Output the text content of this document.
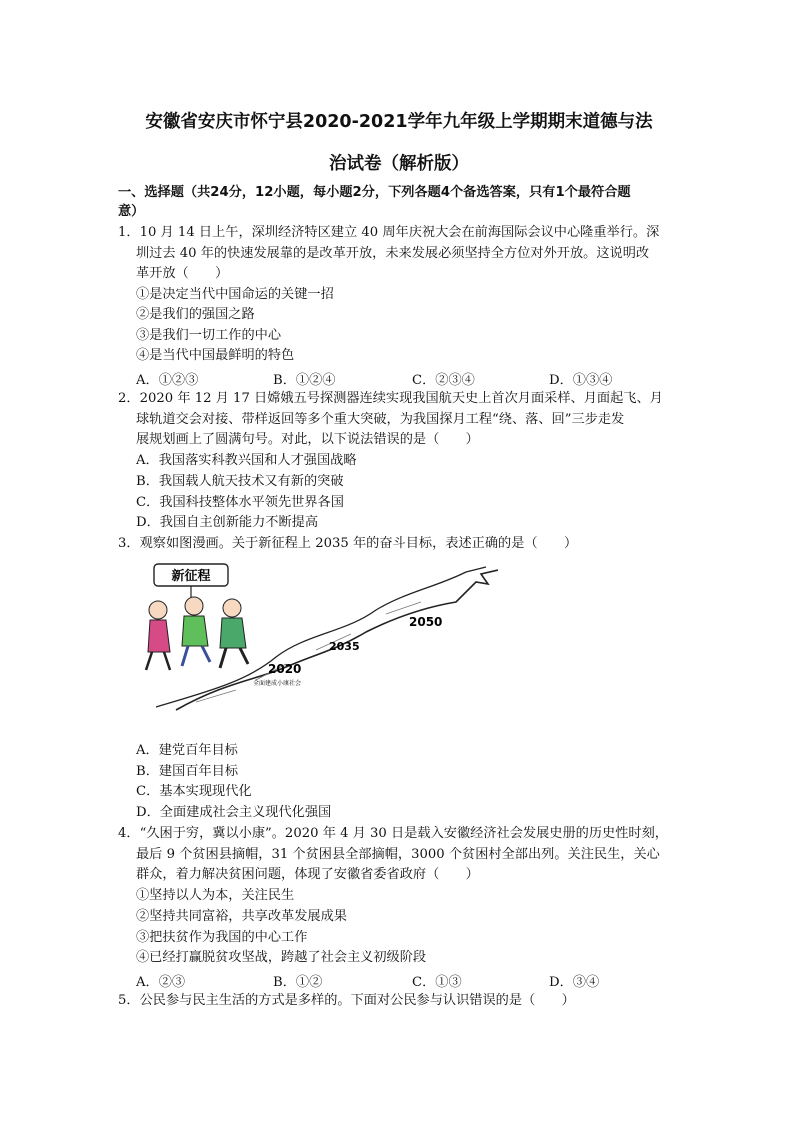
安徽省安庆市怀宁县2020-2021学年九年级上学期期末道德与法
治试卷（解析版）
一、选择题（共24分，12小题，每小题2分，下列各题4个备选答案，只有1个最符合题
意）
1．10 月 14 日上午，深圳经济特区建立 40 周年庆祝大会在前海国际会议中心隆重举行。深
圳过去 40 年的快速发展靠的是改革开放，未来发展必须坚持全方位对外开放。这说明改
革开放（　　）
①是决定当代中国命运的关键一招
②是我们的强国之路
③是我们一切工作的中心
④是当代中国最鲜明的特色
A．①②③	B．①②④	C．②③④	D．①③④
2．2020 年 12 月 17 日嫦娥五号探测器连续实现我国航天史上首次月面采样、月面起飞、月
球轨道交会对接、带样返回等多个重大突破，为我国探月工程“绕、落、回”三步走发
展规划画上了圆满句号。对此，以下说法错误的是（　　）
A．我国落实科教兴国和人才强国战略
B．我国载人航天技术又有新的突破
C．我国科技整体水平领先世界各国
D．我国自主创新能力不断提高
3．观察如图漫画。关于新征程上 2035 年的奋斗目标，表述正确的是（　　）
新征程
2020
全面建成小康社会
2035
2050
A．建党百年目标
B．建国百年目标
C．基本实现现代化
D．全面建成社会主义现代化强国
4．“久困于穷，冀以小康”。2020 年 4 月 30 日是载入安徽经济社会发展史册的历史性时刻，
最后 9 个贫困县摘帽，31 个贫困县全部摘帽，3000 个贫困村全部出列。关注民生，关心
群众，着力解决贫困问题，体现了安徽省委省政府（　　）
①坚持以人为本，关注民生
②坚持共同富裕，共享改革发展成果
③把扶贫作为我国的中心工作
④已经打赢脱贫攻坚战，跨越了社会主义初级阶段
A．②③	B．①②	C．①③	D．③④
5．公民参与民主生活的方式是多样的。下面对公民参与认识错误的是（　　）
